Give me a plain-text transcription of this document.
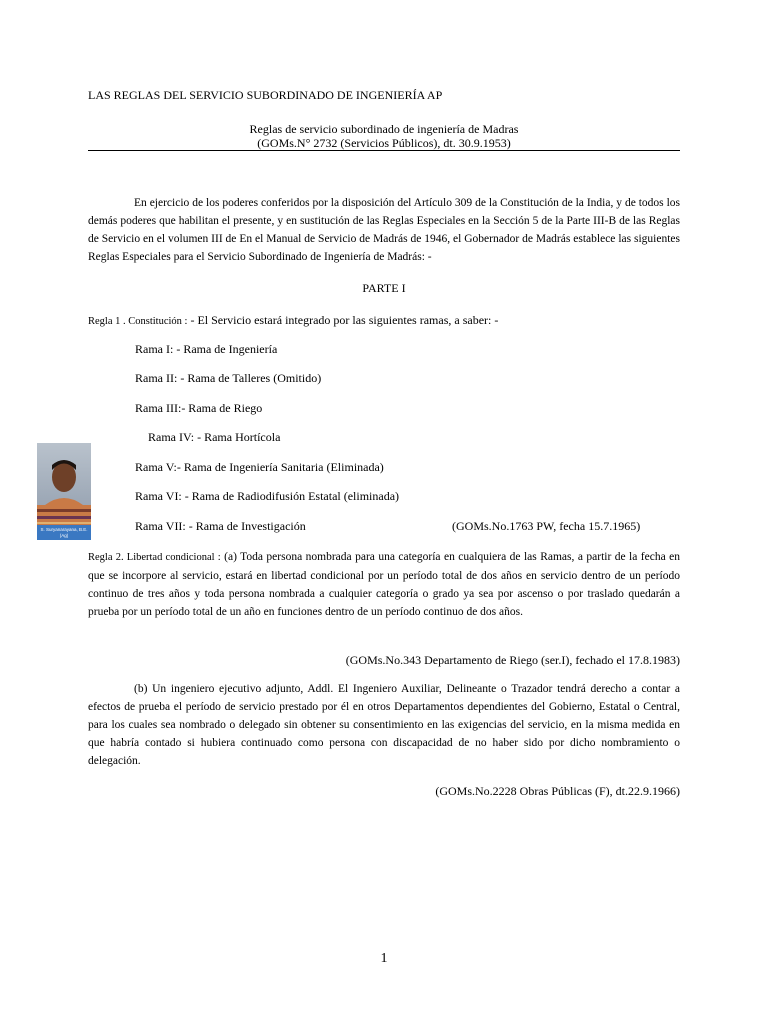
LAS REGLAS DEL SERVICIO SUBORDINADO DE INGENIERÍA AP
Reglas de servicio subordinado de ingeniería de Madras
(GOMs.N° 2732 (Servicios Públicos), dt. 30.9.1953)
En ejercicio de los poderes conferidos por la disposición del Artículo 309 de la Constitución de la India, y de todos los demás poderes que habilitan el presente, y en sustitución de las Reglas Especiales en la Sección 5 de la Parte III-B de las Reglas de Servicio en el volumen III de En el Manual de Servicio de Madrás de 1946, el Gobernador de Madrás establece las siguientes Reglas Especiales para el Servicio Subordinado de Ingeniería de Madrás: -
PARTE I
Regla 1 . Constitución : - El Servicio estará integrado por las siguientes ramas, a saber: -
Rama I: - Rama de Ingeniería
Rama II: - Rama de Talleres (Omitido)
Rama III:- Rama de Riego
Rama IV: - Rama Hortícola
Rama V:- Rama de Ingeniería Sanitaria (Eliminada)
Rama VI: - Rama de Radiodifusión Estatal (eliminada)
Rama VII: - Rama de Investigación	(GOMs.No.1763 PW, fecha 15.7.1965)
S. Suryanarayana, B.E. (Ag)
9491812377
Regla 2. Libertad condicional : (a) Toda persona nombrada para una categoría en cualquiera de las Ramas, a partir de la fecha en que se incorpore al servicio, estará en libertad condicional por un período total de dos años en servicio dentro de un período continuo de tres años y toda persona nombrada a cualquier categoría o grado ya sea por ascenso o por traslado quedarán a prueba por un período total de un año en funciones dentro de un período continuo de dos años.
(GOMs.No.343 Departamento de Riego (ser.I), fechado el 17.8.1983)
(b) Un ingeniero ejecutivo adjunto, Addl. El Ingeniero Auxiliar, Delineante o Trazador tendrá derecho a contar a efectos de prueba el período de servicio prestado por él en otros Departamentos dependientes del Gobierno, Estatal o Central, para los cuales sea nombrado o delegado sin obtener su consentimiento en las exigencias del servicio, en la misma medida en que habría contado si hubiera continuado como persona con discapacidad de no haber sido por dicho nombramiento o delegación.
(GOMs.No.2228 Obras Públicas (F), dt.22.9.1966)
1
